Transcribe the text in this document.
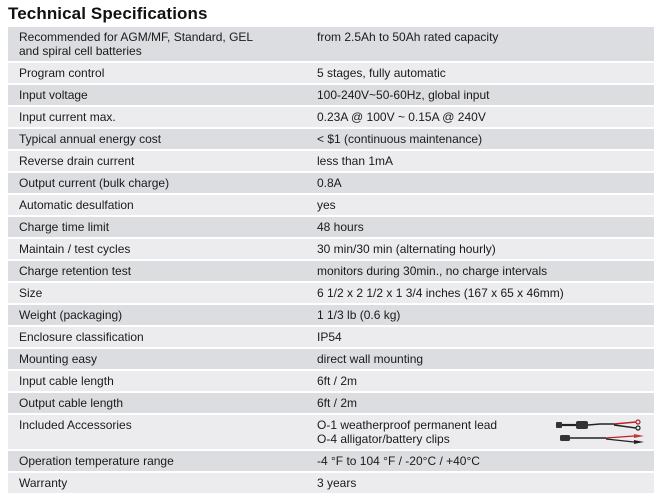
Technical Specifications
Recommended for AGM/MF, Standard, GEL
and spiral cell batteries	from 2.5Ah to 50Ah rated capacity
Program control	5 stages, fully automatic
Input voltage	100-240V~50-60Hz, global input
Input current max.	0.23A @ 100V ~ 0.15A @ 240V
Typical annual energy cost	< $1 (continuous maintenance)
Reverse drain current	less than 1mA
Output current (bulk charge)	0.8A
Automatic desulfation	yes
Charge time limit	48 hours
Maintain / test cycles	30 min/30 min (alternating hourly)
Charge retention test	monitors during 30min., no charge intervals
Size	6 1/2 x 2 1/2 x 1 3/4 inches (167 x 65 x 46mm)
Weight (packaging)	1 1/3 lb (0.6 kg)
Enclosure classification	IP54
Mounting easy	direct wall mounting
Input cable length	6ft / 2m
Output cable length	6ft / 2m
Included Accessories	O-1 weatherproof permanent lead
O-4 alligator/battery clips

Operation temperature range	-4 °F to 104 °F / -20°C / +40°C
Warranty	3 years
